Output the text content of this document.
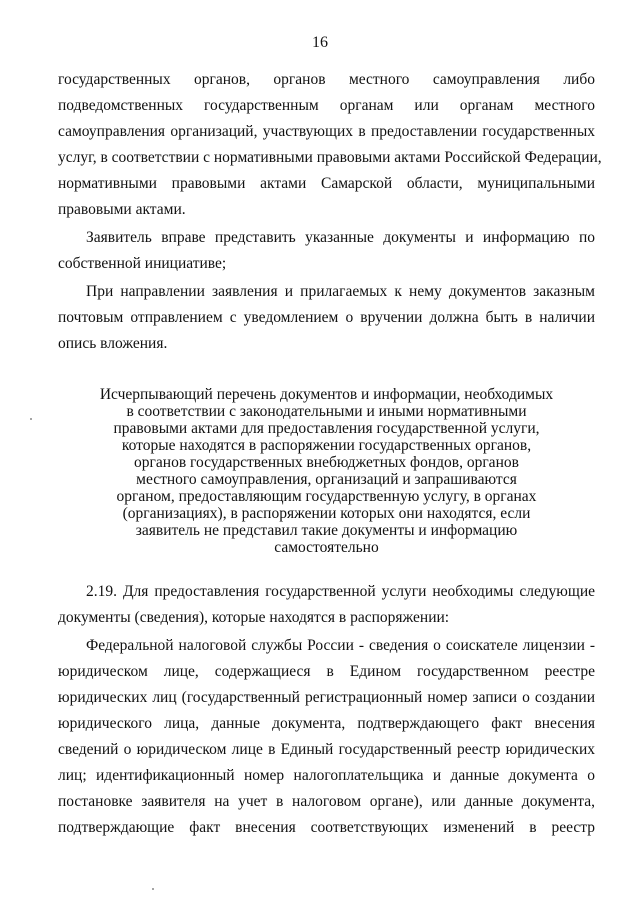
16
государственных органов, органов местного самоуправления либо
подведомственных государственным органам или органам местного
самоуправления организаций, участвующих в предоставлении государственных
услуг, в соответствии с нормативными правовыми актами Российской Федерации,
нормативными правовыми актами Самарской области, муниципальными
правовыми актами.
Заявитель вправе представить указанные документы и информацию по
собственной инициативе;
При направлении заявления и прилагаемых к нему документов заказным
почтовым отправлением с уведомлением о вручении должна быть в наличии
опись вложения.
Исчерпывающий перечень документов и информации, необходимых
в соответствии с законодательными и иными нормативными
правовыми актами для предоставления государственной услуги,
которые находятся в распоряжении государственных органов,
органов государственных внебюджетных фондов, органов
местного самоуправления, организаций и запрашиваются
органом, предоставляющим государственную услугу, в органах
(организациях), в распоряжении которых они находятся, если
заявитель не представил такие документы и информацию
самостоятельно
2.19. Для предоставления государственной услуги необходимы следующие
документы (сведения), которые находятся в распоряжении:
Федеральной налоговой службы России - сведения о соискателе лицензии -
юридическом лице, содержащиеся в Едином государственном реестре
юридических лиц (государственный регистрационный номер записи о создании
юридического лица, данные документа, подтверждающего факт внесения
сведений о юридическом лице в Единый государственный реестр юридических
лиц; идентификационный номер налогоплательщика и данные документа о
постановке заявителя на учет в налоговом органе), или данные документа,
подтверждающие факт внесения соответствующих изменений в реестр
